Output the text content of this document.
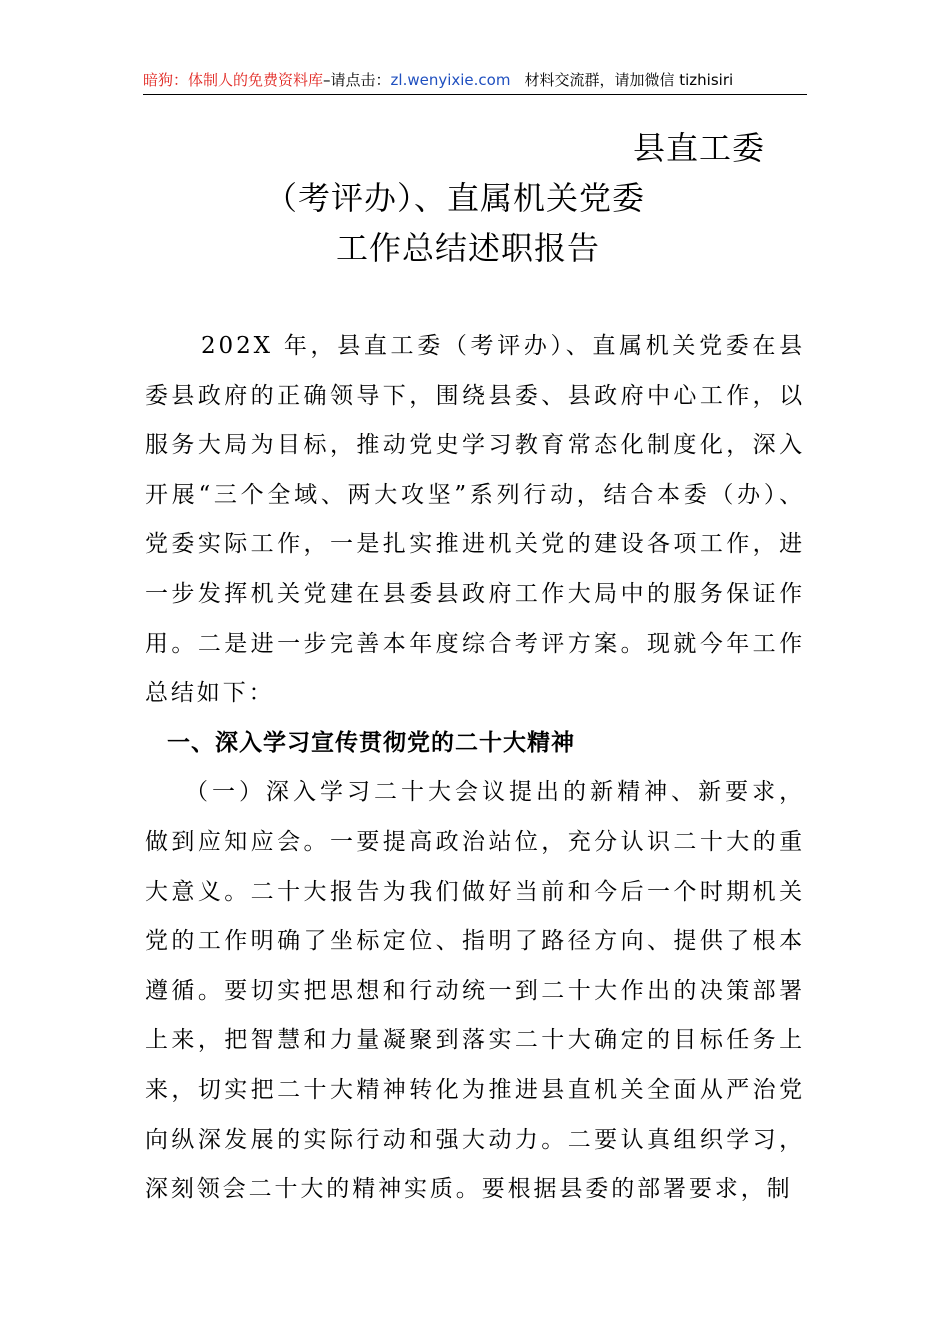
暗狗：体制人的免费资料库–请点击：zl.wenyixie.com 材料交流群，请加微信 tizhisiri
县直工委
（考评办）、直属机关党委
工作总结述职报告

202X 年，县直工委（考评办）、直属机关党委在县委县政府的正确领导下，围绕县委、县政府中心工作，以服务大局为目标，推动党史学习教育常态化制度化，深入开展“三个全域、两大攻坚”系列行动，结合本委（办）、党委实际工作，一是扎实推进机关党的建设各项工作，进一步发挥机关党建在县委县政府工作大局中的服务保证作用。二是进一步完善本年度综合考评方案。现就今年工作总结如下：

一、深入学习宣传贯彻党的二十大精神

（一）深入学习二十大会议提出的新精神、新要求，做到应知应会。一要提高政治站位，充分认识二十大的重大意义。二十大报告为我们做好当前和今后一个时期机关党的工作明确了坐标定位、指明了路径方向、提供了根本遵循。要切实把思想和行动统一到二十大作出的决策部署上来，把智慧和力量凝聚到落实二十大确定的目标任务上来，切实把二十大精神转化为推进县直机关全面从严治党向纵深发展的实际行动和强大动力。二要认真组织学习，深刻领会二十大的精神实质。要根据县委的部署要求，制
